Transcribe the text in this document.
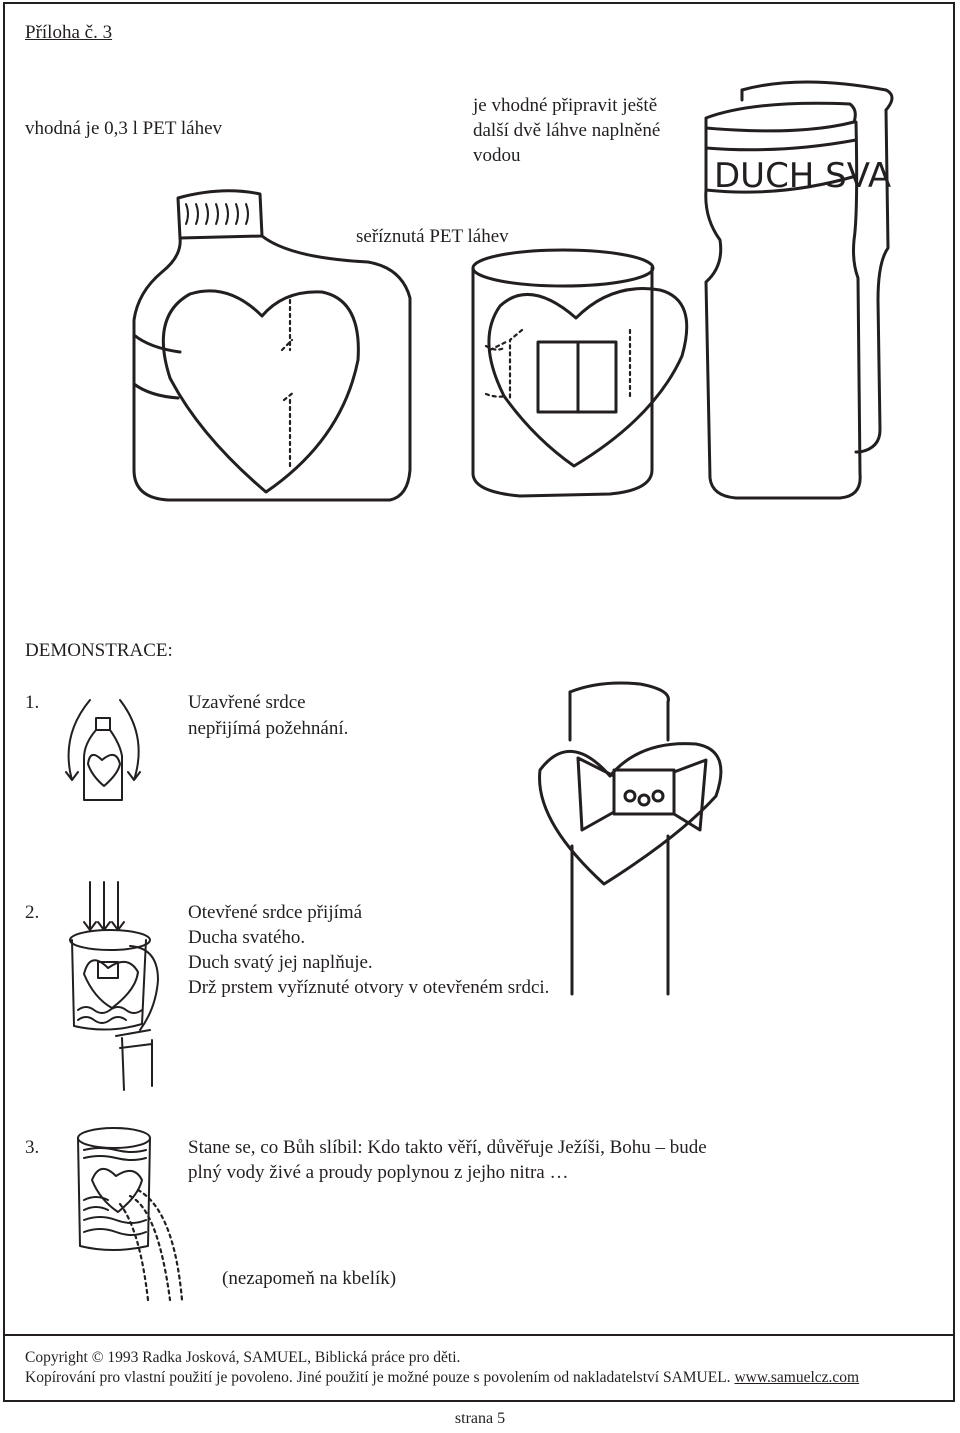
Příloha č. 3

vhodná je 0,3 l PET láhev

je vhodné připravit ještě

další dvě láhve naplněné

vodou

seříznutá PET láhev

DUCH SVA

DEMONSTRACE:

1.	Uzavřené srdce

nepřijímá požehnání.

2.	Otevřené srdce přijímá

Ducha svatého.

Duch svatý jej naplňuje.

Drž prstem vyříznuté otvory v otevřeném srdci.

3.	Stane se, co Bůh slíbil: Kdo takto věří, důvěřuje Ježíši, Bohu – bude

plný vody živé a proudy poplynou z jejho nitra …

(nezapomeň na kbelík)

Copyright © 1993 Radka Josková, SAMUEL, Biblická práce pro děti.

Kopírování pro vlastní použití je povoleno. Jiné použití je možné pouze s povolením od nakladatelství SAMUEL. www.samuelcz.com

strana 5
